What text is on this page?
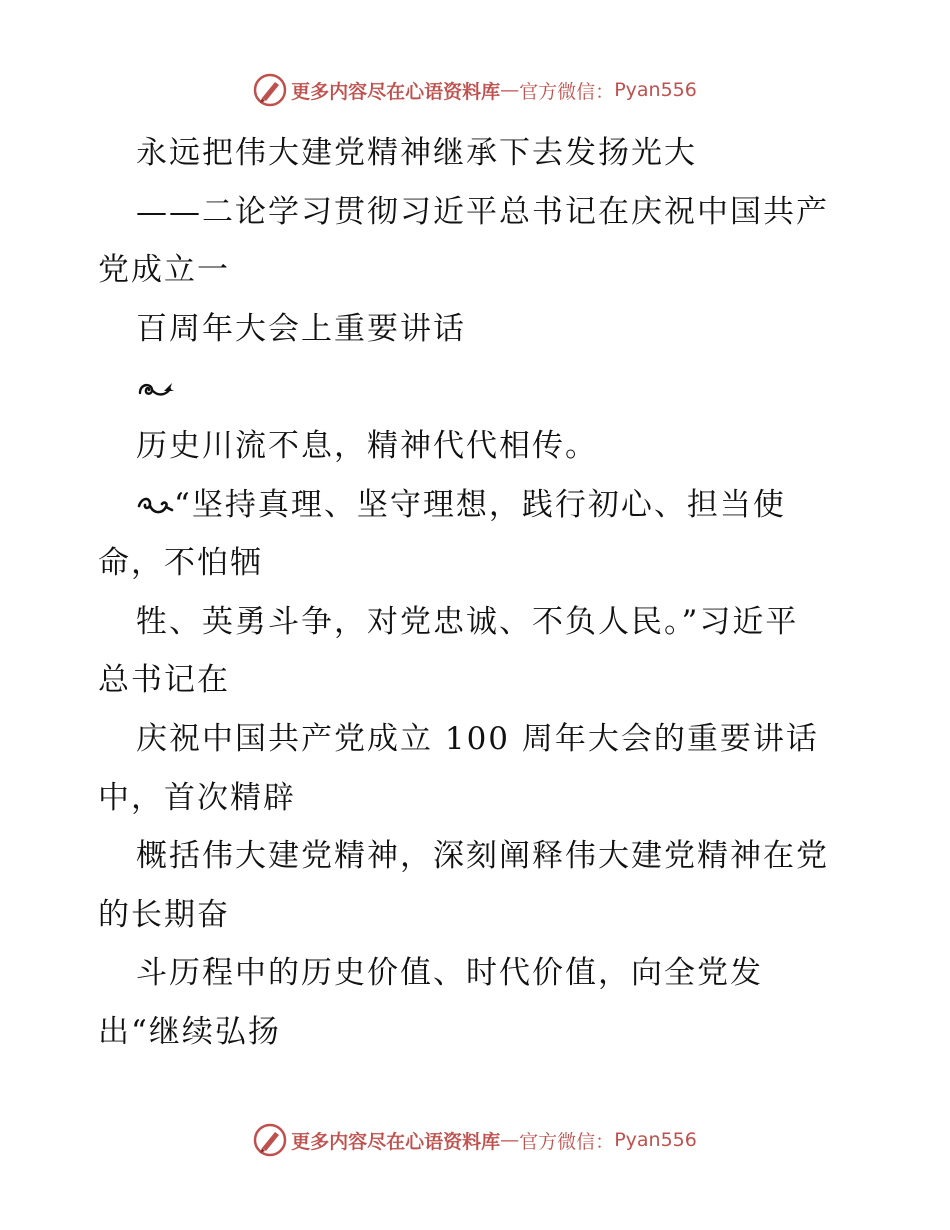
更多内容尽在心语资料库 — 官方微信： Pyan556
永远把伟大建党精神继承下去发扬光大
——二论学习贯彻习近平总书记在庆祝中国共产
党成立一
百周年大会上重要讲话
历史川流不息，精神代代相传。
“坚持真理、坚守理想，践行初心、担当使
命，不怕牺
牲、英勇斗争，对党忠诚、不负人民。”习近平
总书记在
庆祝中国共产党成立 100 周年大会的重要讲话
中，首次精辟
概括伟大建党精神，深刻阐释伟大建党精神在党
的长期奋
斗历程中的历史价值、时代价值，向全党发
出“继续弘扬
更多内容尽在心语资料库 — 官方微信： Pyan556
